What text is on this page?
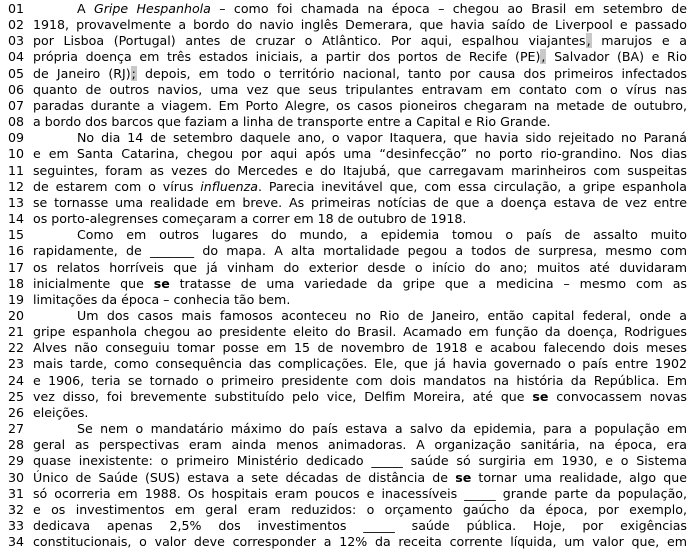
01	A Gripe Hespanhola – como foi chamada na época – chegou ao Brasil em setembro de
02 1918, provavelmente a bordo do navio inglês Demerara, que havia saído de Liverpool e passado
03 por Lisboa (Portugal) antes de cruzar o Atlântico. Por aqui, espalhou viajantes, marujos e a
04 própria doença em três estados iniciais, a partir dos portos de Recife (PE), Salvador (BA) e Rio
05 de Janeiro (RJ); depois, em todo o território nacional, tanto por causa dos primeiros infectados
06 quanto de outros navios, uma vez que seus tripulantes entravam em contato com o vírus nas
07 paradas durante a viagem. Em Porto Alegre, os casos pioneiros chegaram na metade de outubro,
08 a bordo dos barcos que faziam a linha de transporte entre a Capital e Rio Grande.
09	No dia 14 de setembro daquele ano, o vapor Itaquera, que havia sido rejeitado no Paraná
10 e em Santa Catarina, chegou por aqui após uma “desinfecção” no porto rio-grandino. Nos dias
11 seguintes, foram as vezes do Mercedes e do Itajubá, que carregavam marinheiros com suspeitas
12 de estarem com o vírus influenza. Parecia inevitável que, com essa circulação, a gripe espanhola
13 se tornasse uma realidade em breve. As primeiras notícias de que a doença estava de vez entre
14 os porto-alegrenses começaram a correr em 18 de outubro de 1918.
15	Como em outros lugares do mundo, a epidemia tomou o país de assalto muito
16 rapidamente, de _______ do mapa. A alta mortalidade pegou a todos de surpresa, mesmo com
17 os relatos horríveis que já vinham do exterior desde o início do ano; muitos até duvidaram
18 inicialmente que se tratasse de uma variedade da gripe que a medicina – mesmo com as
19 limitações da época – conhecia tão bem.
20	Um dos casos mais famosos aconteceu no Rio de Janeiro, então capital federal, onde a
21 gripe espanhola chegou ao presidente eleito do Brasil. Acamado em função da doença, Rodrigues
22 Alves não conseguiu tomar posse em 15 de novembro de 1918 e acabou falecendo dois meses
23 mais tarde, como consequência das complicações. Ele, que já havia governado o país entre 1902
24 e 1906, teria se tornado o primeiro presidente com dois mandatos na história da República. Em
25 vez disso, foi brevemente substituído pelo vice, Delfim Moreira, até que se convocassem novas
26 eleições.
27	Se nem o mandatário máximo do país estava a salvo da epidemia, para a população em
28 geral as perspectivas eram ainda menos animadoras. A organização sanitária, na época, era
29 quase inexistente: o primeiro Ministério dedicado _____ saúde só surgiria em 1930, e o Sistema
30 Único de Saúde (SUS) estava a sete décadas de distância de se tornar uma realidade, algo que
31 só ocorreria em 1988. Os hospitais eram poucos e inacessíveis _____ grande parte da população,
32 e os investimentos em geral eram reduzidos: o orçamento gaúcho da época, por exemplo,
33 dedicava apenas 2,5% dos investimentos _____ saúde pública. Hoje, por exigências
34 constitucionais, o valor deve corresponder a 12% da receita corrente líquida, um valor que, em
